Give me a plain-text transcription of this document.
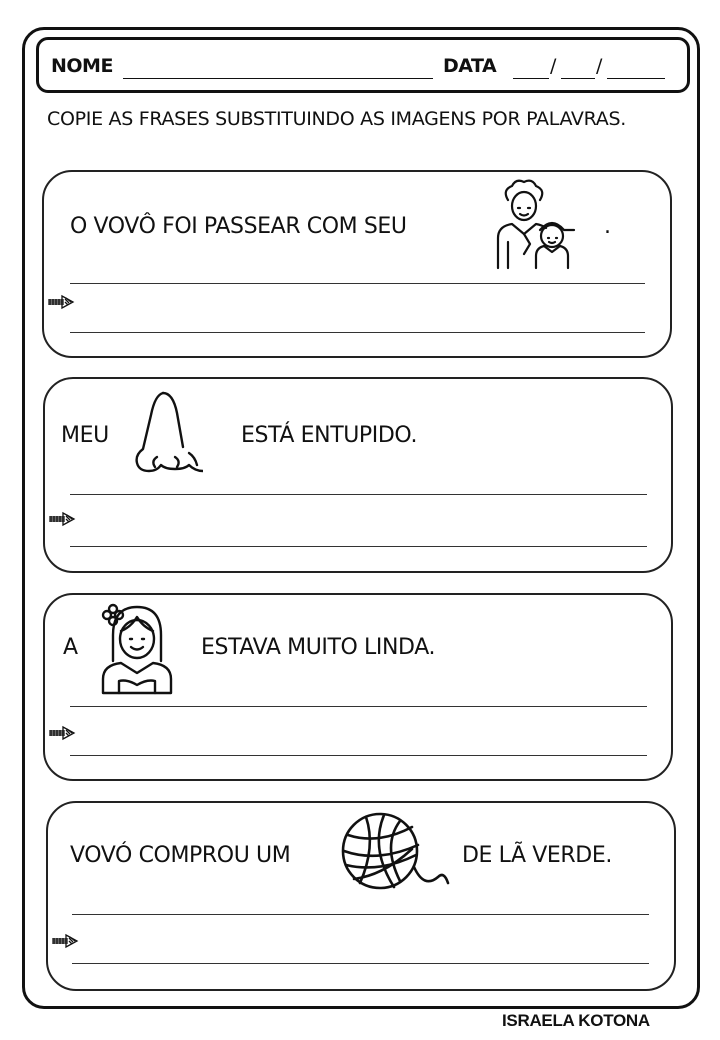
NOME	DATA	/ /
COPIE AS FRASES SUBSTITUINDO AS IMAGENS POR PALAVRAS.
O VOVÔ FOI PASSEAR COM SEU	.
MEU	ESTÁ ENTUPIDO.
A	ESTAVA MUITO LINDA.
VOVÓ COMPROU UM	DE LÃ VERDE.
ISRAELA KOTONA
